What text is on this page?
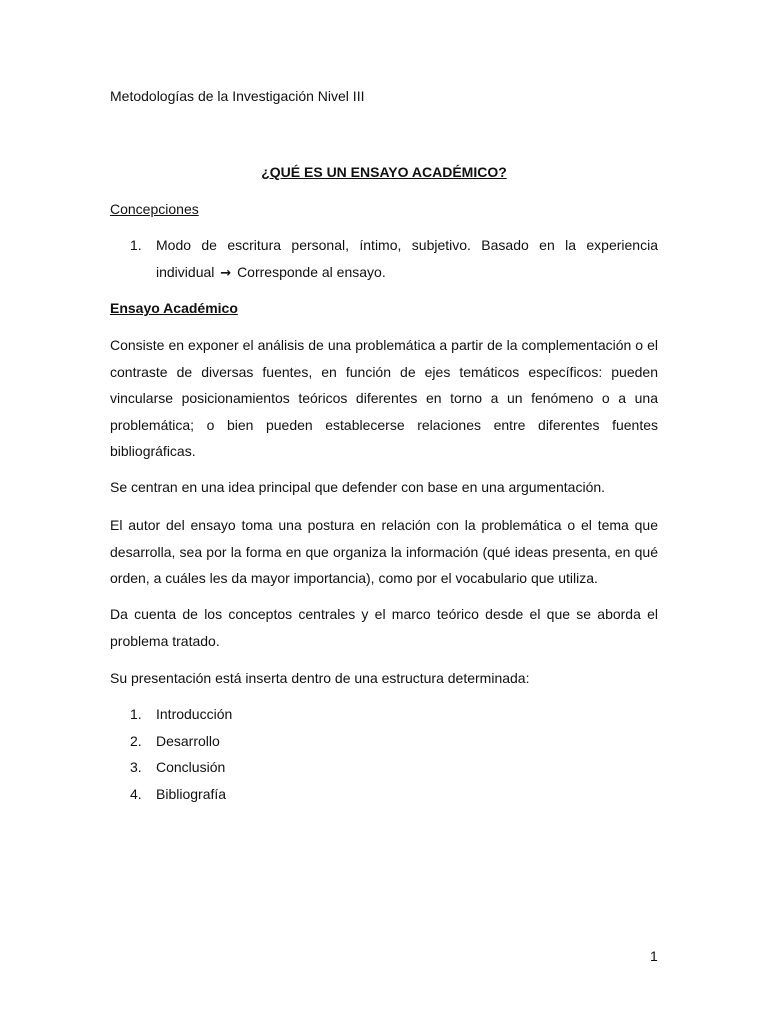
Metodologías de la Investigación Nivel III
¿QUÉ ES UN ENSAYO ACADÉMICO?
Concepciones
1.	Modo de escritura personal, íntimo, subjetivo. Basado en la experiencia individual → Corresponde al ensayo.
Ensayo Académico

Consiste en exponer el análisis de una problemática a partir de la complementación o el contraste de diversas fuentes, en función de ejes temáticos específicos: pueden vincularse posicionamientos teóricos diferentes en torno a un fenómeno o a una problemática; o bien pueden establecerse relaciones entre diferentes fuentes bibliográficas.

Se centran en una idea principal que defender con base en una argumentación.

El autor del ensayo toma una postura en relación con la problemática o el tema que desarrolla, sea por la forma en que organiza la información (qué ideas presenta, en qué orden, a cuáles les da mayor importancia), como por el vocabulario que utiliza.

Da cuenta de los conceptos centrales y el marco teórico desde el que se aborda el problema tratado.

Su presentación está inserta dentro de una estructura determinada:

1.	Introducción
2.	Desarrollo
3.	Conclusión
4.	Bibliografía
1
